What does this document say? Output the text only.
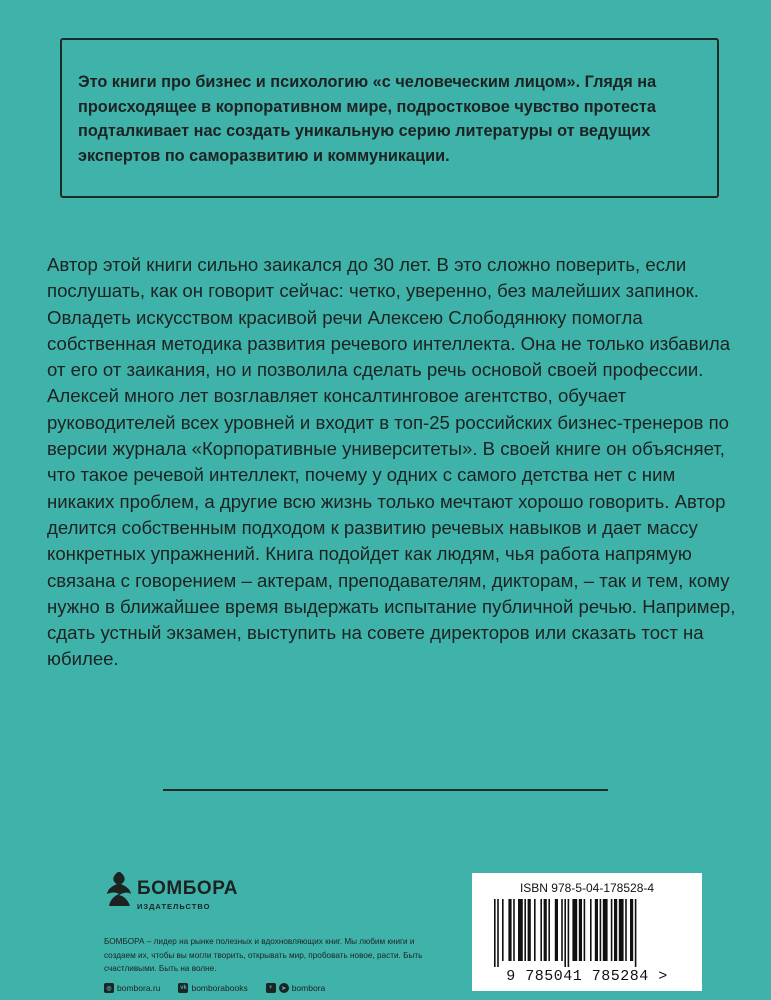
Это книги про бизнес и психологию «с человеческим лицом». Глядя на происходящее в корпоративном мире, подростковое чувство протеста подталкивает нас создать уникальную серию литературы от ведущих экспертов по саморазвитию и коммуникации.
Автор этой книги сильно заикался до 30 лет. В это сложно поверить, если послушать, как он говорит сейчас: четко, уверенно, без малейших запинок. Овладеть искусством красивой речи Алексею Слободянюку помогла собственная методика развития речевого интеллекта. Она не только избавила от его от заикания, но и позволила сделать речь основой своей профессии. Алексей много лет возглавляет консалтинговое агентство, обучает руководителей всех уровней и входит в топ-25 российских бизнес-тренеров по версии журнала «Корпоративные университеты». В своей книге он объясняет, что такое речевой интеллект, почему у одних с самого детства нет с ним никаких проблем, а другие всю жизнь только мечтают хорошо говорить. Автор делится собственным подходом к развитию речевых навыков и дает массу конкретных упражнений. Книга подойдет как людям, чья работа напрямую связана с говорением – актерам, преподавателям, дикторам, – так и тем, кому нужно в ближайшее время выдержать испытание публичной речью. Например, сдать устный экзамен, выступить на совете директоров или сказать тост на юбилее.
БОМБОРА
ИЗДАТЕЛЬСТВО
БОМБОРА – лидер на рынке полезных и вдохновляющих книг. Мы любим книги и создаем их, чтобы вы могли творить, открывать мир, пробовать новое, расти. Быть счастливыми. Быть на волне.
◎ bombora.ru	vk bomborabooks	+	➤ bombora
ISBN 978-5-04-178528-4
9 785041 785284 >
